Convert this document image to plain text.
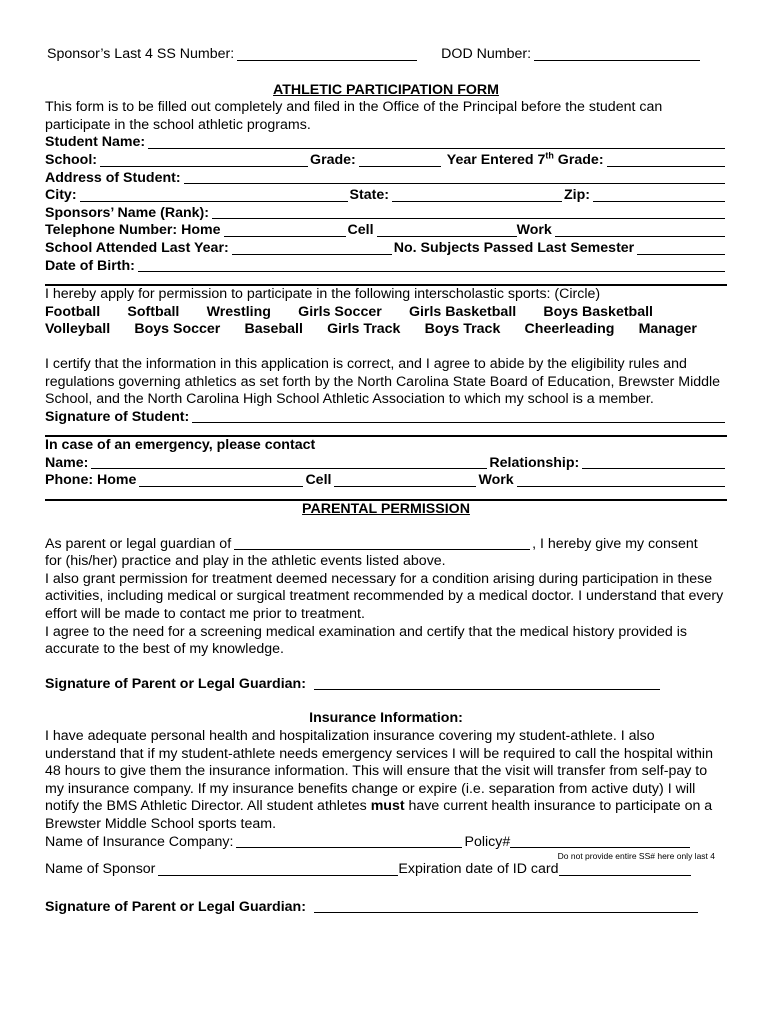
Sponsor’s Last 4 SS Number:	DOD Number:
ATHLETIC PARTICIPATION FORM
This form is to be filled out completely and filed in the Office of the Principal before the student can participate in the school athletic programs.
Student Name :
School :	Grade :	Year Entered 7th Grade :
Address of Student :
City :	State :	Zip :
Sponsors’ Name (Rank) :
Telephone Number: Home	Cell	Work
School Attended Last Year :	No. Subjects Passed Last Semester
Date of Birth :
I hereby apply for permission to participate in the following interscholastic sports: (Circle)
Football Softball Wrestling Girls Soccer Girls Basketball Boys Basketball
Volleyball Boys Soccer Baseball Girls Track Boys Track Cheerleading Manager
I certify that the information in this application is correct, and I agree to abide by the eligibility rules and regulations governing athletics as set forth by the North Carolina State Board of Education, Brewster Middle School, and the North Carolina High School Athletic Association to which my school is a member.
Signature of Student :
In case of an emergency, please contact
Name:	Relationship:
Phone: Home	Cell	Work
PARENTAL PERMISSION
As parent or legal guardian of	, I hereby give my consent
for (his/her) practice and play in the athletic events listed above.
I also grant permission for treatment deemed necessary for a condition arising during participation in these activities, including medical or surgical treatment recommended by a medical doctor. I understand that every effort will be made to contact me prior to treatment.
I agree to the need for a screening medical examination and certify that the medical history provided is accurate to the best of my knowledge.
Signature of Parent or Legal Guardian:
Insurance Information:
I have adequate personal health and hospitalization insurance covering my student-athlete. I also understand that if my student-athlete needs emergency services I will be required to call the hospital within 48 hours to give them the insurance information. This will ensure that the visit will transfer from self-pay to my insurance company. If my insurance benefits change or expire (i.e. separation from active duty) I will notify the BMS Athletic Director. All student athletes must have current health insurance to participate on a Brewster Middle School sports team.
Name of Insurance Company:	Policy#
Do not provide entire SS# here only last 4
Name of Sponsor	Expiration date of ID card
Signature of Parent or Legal Guardian:
